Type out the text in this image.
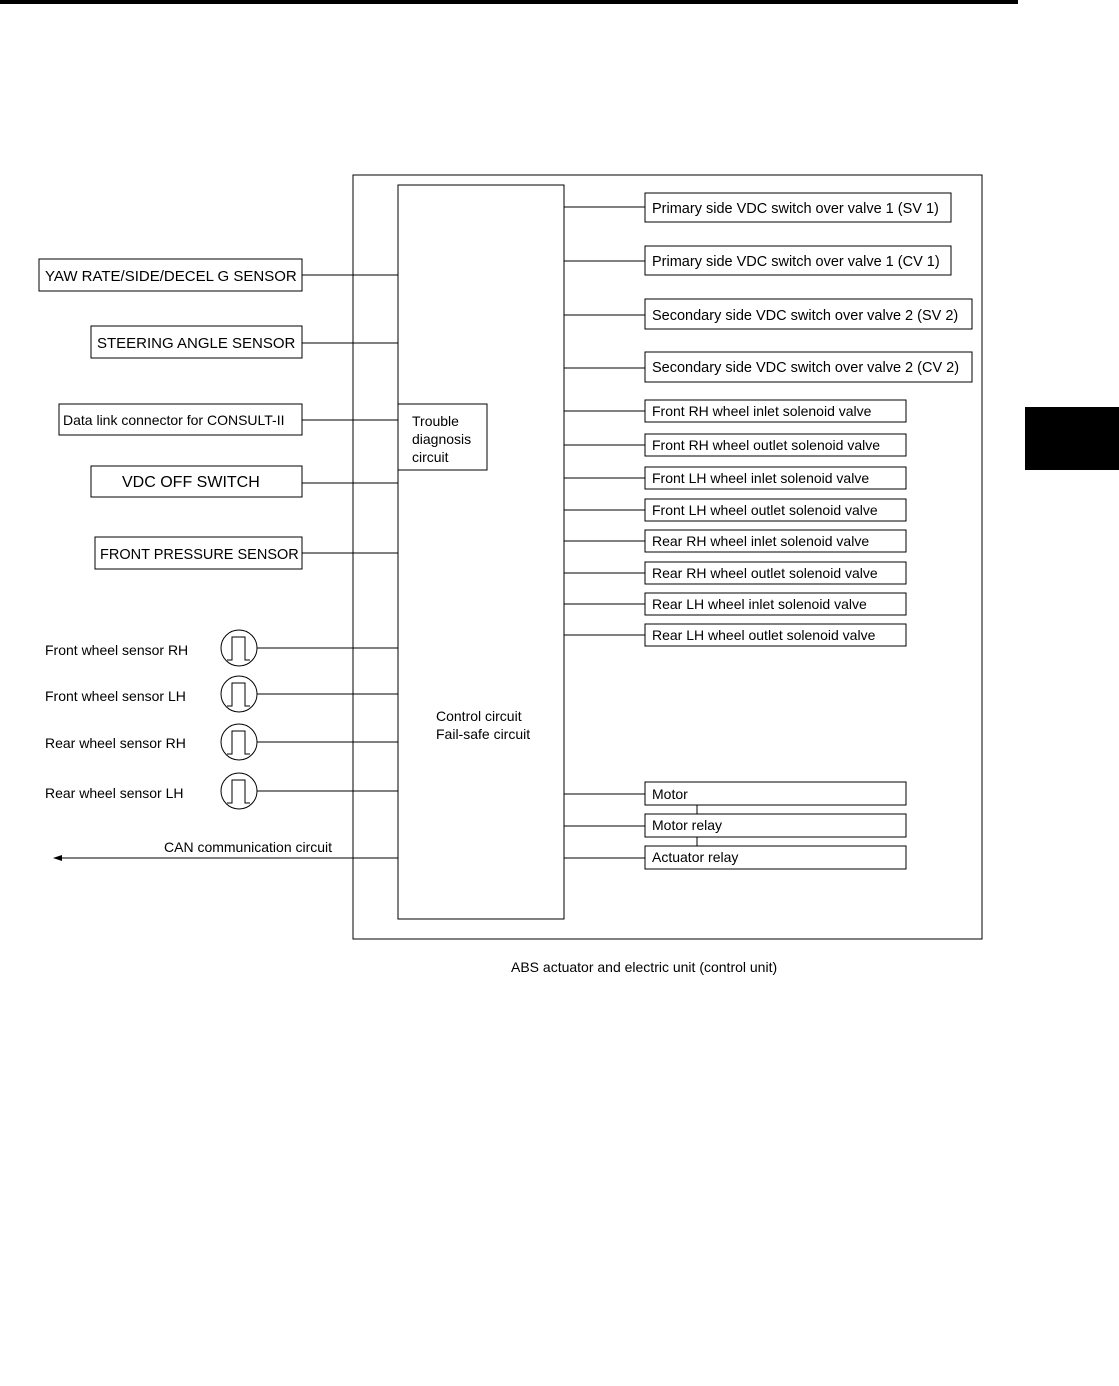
Trouble diagnosis circuit
Control circuit Fail-safe circuit
YAW RATE/SIDE/DECEL G SENSOR
STEERING ANGLE SENSOR
Data link connector for CONSULT-II
VDC OFF SWITCH
FRONT PRESSURE SENSOR
Front wheel sensor RH
Front wheel sensor LH
Rear wheel sensor RH
Rear wheel sensor LH
CAN communication circuit
Primary side VDC switch over valve 1 (SV 1)
Primary side VDC switch over valve 1 (CV 1)
Secondary side VDC switch over valve 2 (SV 2)
Secondary side VDC switch over valve 2 (CV 2)
Front RH wheel inlet solenoid valve
Front RH wheel outlet solenoid valve
Front LH wheel inlet solenoid valve
Front LH wheel outlet solenoid valve
Rear RH wheel inlet solenoid valve
Rear RH wheel outlet solenoid valve
Rear LH wheel inlet solenoid valve
Rear LH wheel outlet solenoid valve
Motor
Motor relay
Actuator relay
ABS actuator and electric unit (control unit)
